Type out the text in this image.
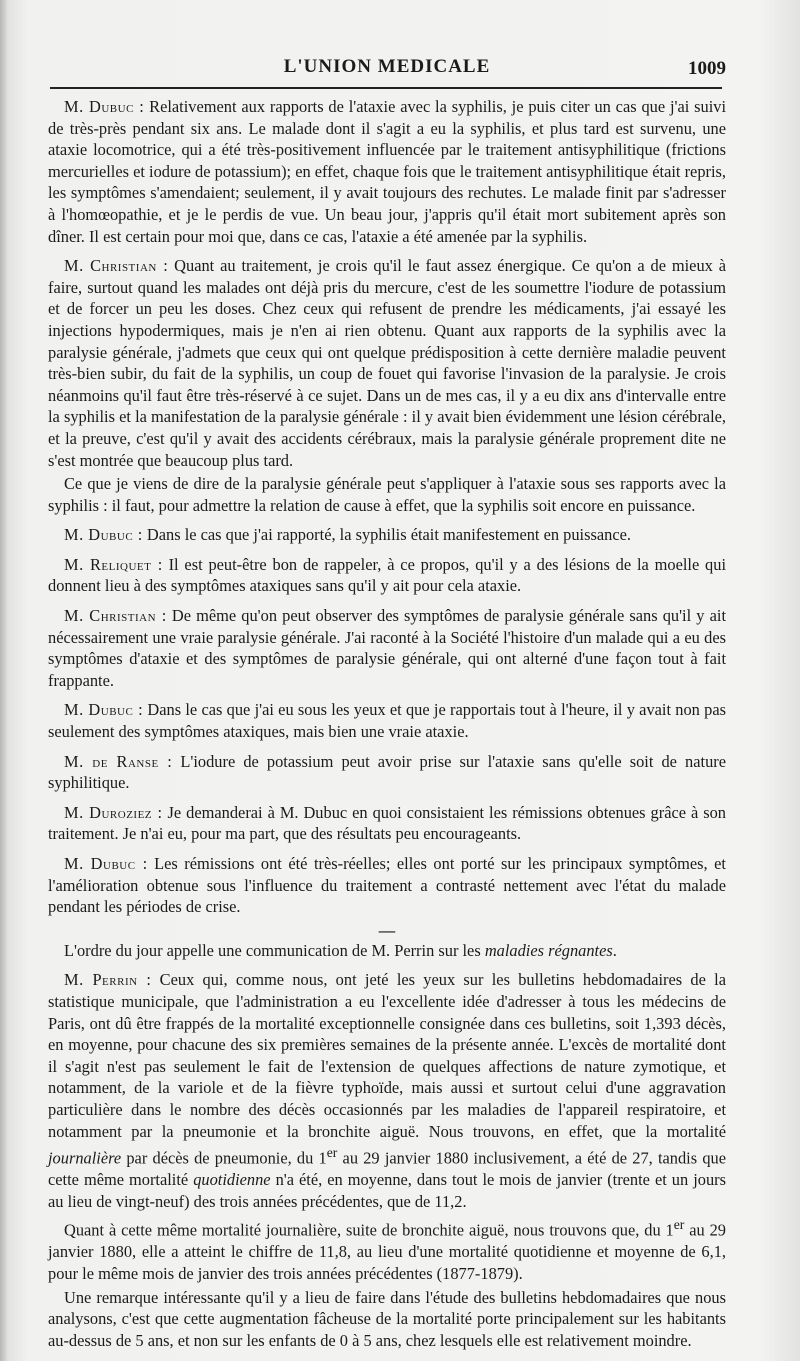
L'UNION MEDICALE	1009

M. Dubuc : Relativement aux rapports de l'ataxie avec la syphilis, je puis citer un cas que j'ai suivi de très-près pendant six ans. Le malade dont il s'agit a eu la syphilis, et plus tard est survenu, une ataxie locomotrice, qui a été très-positivement influencée par le traitement antisyphilitique (frictions mercurielles et iodure de potassium); en effet, chaque fois que le traitement antisyphilitique était repris, les symptômes s'amendaient; seulement, il y avait toujours des rechutes. Le malade finit par s'adresser à l'homœopathie, et je le perdis de vue. Un beau jour, j'appris qu'il était mort subitement après son dîner. Il est certain pour moi que, dans ce cas, l'ataxie a été amenée par la syphilis.

M. Christian : Quant au traitement, je crois qu'il le faut assez énergique. Ce qu'on a de mieux à faire, surtout quand les malades ont déjà pris du mercure, c'est de les soumettre l'iodure de potassium et de forcer un peu les doses. Chez ceux qui refusent de prendre les médicaments, j'ai essayé les injections hypodermiques, mais je n'en ai rien obtenu. Quant aux rapports de la syphilis avec la paralysie générale, j'admets que ceux qui ont quelque prédisposition à cette dernière maladie peuvent très-bien subir, du fait de la syphilis, un coup de fouet qui favorise l'invasion de la paralysie. Je crois néanmoins qu'il faut être très-réservé à ce sujet. Dans un de mes cas, il y a eu dix ans d'intervalle entre la syphilis et la manifestation de la paralysie générale : il y avait bien évidemment une lésion cérébrale, et la preuve, c'est qu'il y avait des accidents cérébraux, mais la paralysie générale proprement dite ne s'est montrée que beaucoup plus tard.

Ce que je viens de dire de la paralysie générale peut s'appliquer à l'ataxie sous ses rapports avec la syphilis : il faut, pour admettre la relation de cause à effet, que la syphilis soit encore en puissance.

M. Dubuc : Dans le cas que j'ai rapporté, la syphilis était manifestement en puissance.

M. Reliquet : Il est peut-être bon de rappeler, à ce propos, qu'il y a des lésions de la moelle qui donnent lieu à des symptômes ataxiques sans qu'il y ait pour cela ataxie.

M. Christian : De même qu'on peut observer des symptômes de paralysie générale sans qu'il y ait nécessairement une vraie paralysie générale. J'ai raconté à la Société l'histoire d'un malade qui a eu des symptômes d'ataxie et des symptômes de paralysie générale, qui ont alterné d'une façon tout à fait frappante.

M. Dubuc : Dans le cas que j'ai eu sous les yeux et que je rapportais tout à l'heure, il y avait non pas seulement des symptômes ataxiques, mais bien une vraie ataxie.

M. de Ranse : L'iodure de potassium peut avoir prise sur l'ataxie sans qu'elle soit de nature syphilitique.

M. Duroziez : Je demanderai à M. Dubuc en quoi consistaient les rémissions obtenues grâce à son traitement. Je n'ai eu, pour ma part, que des résultats peu encourageants.

M. Dubuc : Les rémissions ont été très-réelles; elles ont porté sur les principaux symptômes, et l'amélioration obtenue sous l'influence du traitement a contrasté nettement avec l'état du malade pendant les périodes de crise.

—

L'ordre du jour appelle une communication de M. Perrin sur les maladies régnantes.

M. Perrin : Ceux qui, comme nous, ont jeté les yeux sur les bulletins hebdomadaires de la statistique municipale, que l'administration a eu l'excellente idée d'adresser à tous les médecins de Paris, ont dû être frappés de la mortalité exceptionnelle consignée dans ces bulletins, soit 1,393 décès, en moyenne, pour chacune des six premières semaines de la présente année. L'excès de mortalité dont il s'agit n'est pas seulement le fait de l'extension de quelques affections de nature zymotique, et notamment, de la variole et de la fièvre typhoïde, mais aussi et surtout celui d'une aggravation particulière dans le nombre des décès occasionnés par les maladies de l'appareil respiratoire, et notamment par la pneumonie et la bronchite aiguë. Nous trouvons, en effet, que la mortalité journalière par décès de pneumonie, du 1er au 29 janvier 1880 inclusivement, a été de 27, tandis que cette même mortalité quotidienne n'a été, en moyenne, dans tout le mois de janvier (trente et un jours au lieu de vingt-neuf) des trois années précédentes, que de 11,2.

Quant à cette même mortalité journalière, suite de bronchite aiguë, nous trouvons que, du 1er au 29 janvier 1880, elle a atteint le chiffre de 11,8, au lieu d'une mortalité quotidienne et moyenne de 6,1, pour le même mois de janvier des trois années précédentes (1877-1879).

Une remarque intéressante qu'il y a lieu de faire dans l'étude des bulletins hebdomadaires que nous analysons, c'est que cette augmentation fâcheuse de la mortalité porte principalement sur les habitants au-dessus de 5 ans, et non sur les enfants de 0 à 5 ans, chez lesquels elle est relativement moindre.
